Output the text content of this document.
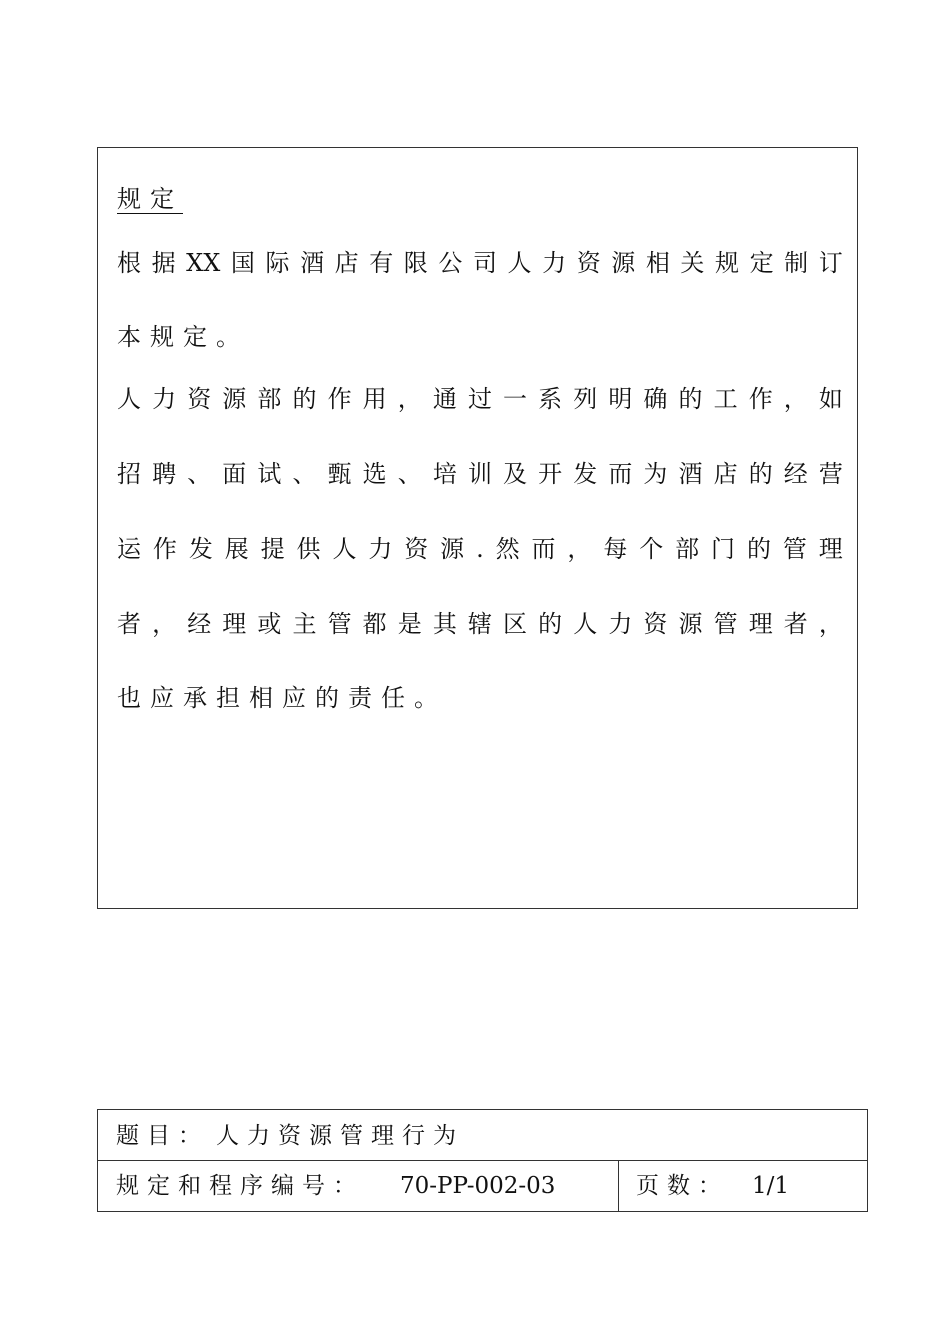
规定
根 据 XX 国 际 酒 店 有 限 公 司 人 力 资 源 相 关 规 定 制 订
本规定。
人 力 资 源 部 的 作 用 ， 通 过 一 系 列 明 确 的 工 作 ， 如
招 聘 、 面 试 、 甄 选 、 培 训 及 开 发 而 为 酒 店 的 经 营
运 作 发 展 提 供 人 力 资 源 . 然 而 ， 每 个 部 门 的 管 理
者 ， 经 理 或 主 管 都 是 其 辖 区 的 人 力 资 源 管 理 者 ，
也应承担相应的责任。
题目： 人力资源管理行为
规定和程序编号： 70-PP-002-03	页数： 1/1
